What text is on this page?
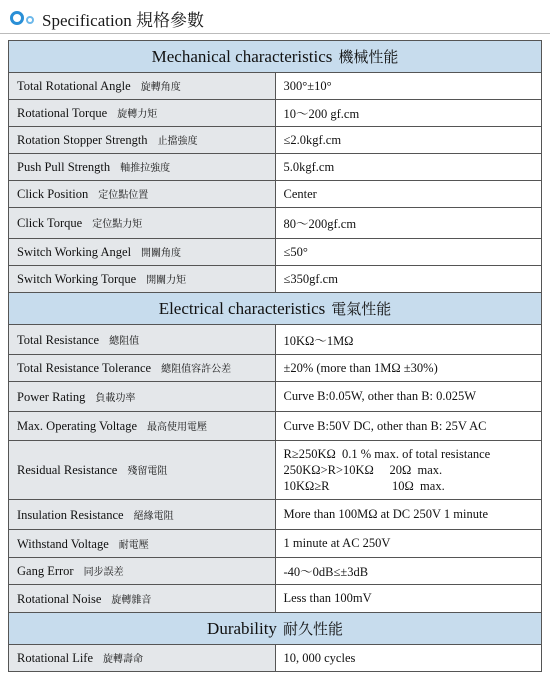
Specification 規格參數
Mechanical characteristics 機械性能	
Total Rotational Angle 旋轉角度	300°±10°
Rotational Torque 旋轉力矩	10～200 gf.cm
Rotation Stopper Strength 止擋強度	≤2.0kgf.cm
Push Pull Strength 軸推拉強度	5.0kgf.cm
Click Position 定位點位置	Center
Click Torque 定位點力矩	80～200gf.cm
Switch Working Angel 開關角度	≤50°
Switch Working Torque 開關力矩	≤350gf.cm
Electrical characteristics 電氣性能	
Total Resistance 總阻值	10KΩ～1MΩ
Total Resistance Tolerance 總阻值容許公差	±20% (more than 1MΩ ±30%)
Power Rating 負載功率	Curve B:0.05W, other than B: 0.025W
Max. Operating Voltage 最高使用電壓	Curve B:50V DC, other than B: 25V AC
Residual Resistance 殘留電阻	R≥250KΩ  0.1 % max. of total resistance
250KΩ>R>10KΩ     20Ω  max.
10KΩ≥R                    10Ω  max.

Insulation Resistance 絕緣電阻	More than 100MΩ at DC 250V 1 minute
Withstand Voltage 耐電壓	1 minute at AC 250V
Gang Error 同步誤差	-40～0dB≤±3dB
Rotational Noise 旋轉雜音	Less than 100mV
Durability 耐久性能	
Rotational Life 旋轉壽命	10, 000 cycles
